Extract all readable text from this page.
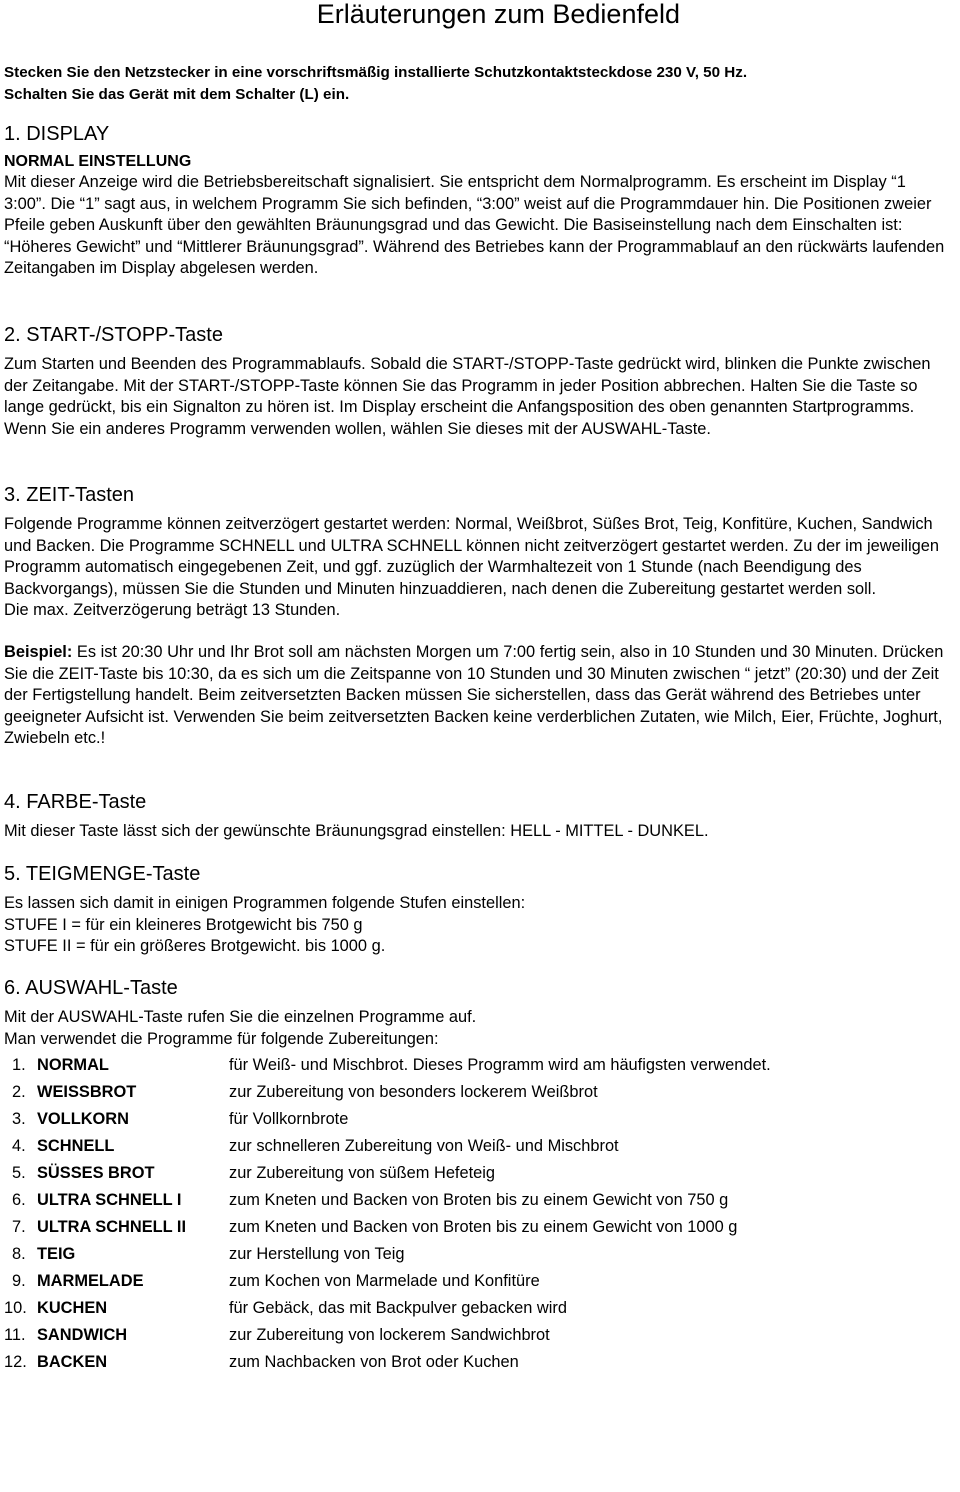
Erläuterungen zum Bedienfeld
Stecken Sie den Netzstecker in eine vorschriftsmäßig installierte Schutzkontaktsteckdose 230 V, 50 Hz.
Schalten Sie das Gerät mit dem Schalter (L) ein.
1. DISPLAY
NORMAL EINSTELLUNG

Mit dieser Anzeige wird die Betriebsbereitschaft signalisiert. Sie entspricht dem Normalprogramm. Es erscheint im Display “1 3:00”. Die “1” sagt aus, in welchem Programm Sie sich befinden, “3:00” weist auf die Programmdauer hin. Die Positionen zweier Pfeile geben Auskunft über den gewählten Bräunungsgrad und das Gewicht. Die Basiseinstellung nach dem Einschalten ist: “Höheres Gewicht” und “Mittlerer Bräunungsgrad”. Während des Betriebes kann der Programmablauf an den rückwärts laufenden Zeitangaben im Display abgelesen werden.

2. START-/STOPP-Taste

Zum Starten und Beenden des Programmablaufs. Sobald die START-/STOPP-Taste gedrückt wird, blinken die Punkte zwischen der Zeitangabe. Mit der START-/STOPP-Taste können Sie das Programm in jeder Position abbrechen. Halten Sie die Taste so lange gedrückt, bis ein Signalton zu hören ist. Im Display erscheint die Anfangsposition des oben genannten Startprogramms. Wenn Sie ein anderes Programm verwenden wollen, wählen Sie dieses mit der AUSWAHL-Taste.

3. ZEIT-Tasten

Folgende Programme können zeitverzögert gestartet werden: Normal, Weißbrot, Süßes Brot, Teig, Konfitüre, Kuchen, Sandwich und Backen. Die Programme SCHNELL und ULTRA SCHNELL können nicht zeitverzögert gestartet werden. Zu der im jeweiligen Programm automatisch eingegebenen Zeit, und ggf. zuzüglich der Warmhaltezeit von 1 Stunde (nach Beendigung des Backvorgangs), müssen Sie die Stunden und Minuten hinzuaddieren, nach denen die Zubereitung gestartet werden soll.

Die max. Zeitverzögerung beträgt 13 Stunden.

Beispiel: Es ist 20:30 Uhr und Ihr Brot soll am nächsten Morgen um 7:00 fertig sein, also in 10 Stunden und 30 Minuten. Drücken Sie die ZEIT-Taste bis 10:30, da es sich um die Zeitspanne von 10 Stunden und 30 Minuten zwischen “ jetzt” (20:30) und der Zeit der Fertigstellung handelt. Beim zeitversetzten Backen müssen Sie sicherstellen, dass das Gerät während des Betriebes unter geeigneter Aufsicht ist. Verwenden Sie beim zeitversetzten Backen keine verderblichen Zutaten, wie Milch, Eier, Früchte, Joghurt, Zwiebeln etc.!

4. FARBE-Taste

Mit dieser Taste lässt sich der gewünschte Bräunungsgrad einstellen: HELL - MITTEL - DUNKEL.

5. TEIGMENGE-Taste

Es lassen sich damit in einigen Programmen folgende Stufen einstellen:

STUFE I = für ein kleineres Brotgewicht bis 750 g

STUFE II = für ein größeres Brotgewicht. bis 1000 g.

6. AUSWAHL-Taste

Mit der AUSWAHL-Taste rufen Sie die einzelnen Programme auf.

Man verwendet die Programme für folgende Zubereitungen:

1. NORMAL	für Weiß- und Mischbrot. Dieses Programm wird am häufigsten verwendet.
2. WEISSBROT	zur Zubereitung von besonders lockerem Weißbrot
3. VOLLKORN	für Vollkornbrote
4. SCHNELL	zur schnelleren Zubereitung von Weiß- und Mischbrot
5. SÜSSES BROT	zur Zubereitung von süßem Hefeteig
6. ULTRA SCHNELL I	zum Kneten und Backen von Broten bis zu einem Gewicht von 750 g
7. ULTRA SCHNELL II	zum Kneten und Backen von Broten bis zu einem Gewicht von 1000 g
8. TEIG	zur Herstellung von Teig
9. MARMELADE	zum Kochen von Marmelade und Konfitüre
10. KUCHEN	für Gebäck, das mit Backpulver gebacken wird
11. SANDWICH	zur Zubereitung von lockerem Sandwichbrot
12. BACKEN	zum Nachbacken von Brot oder Kuchen
